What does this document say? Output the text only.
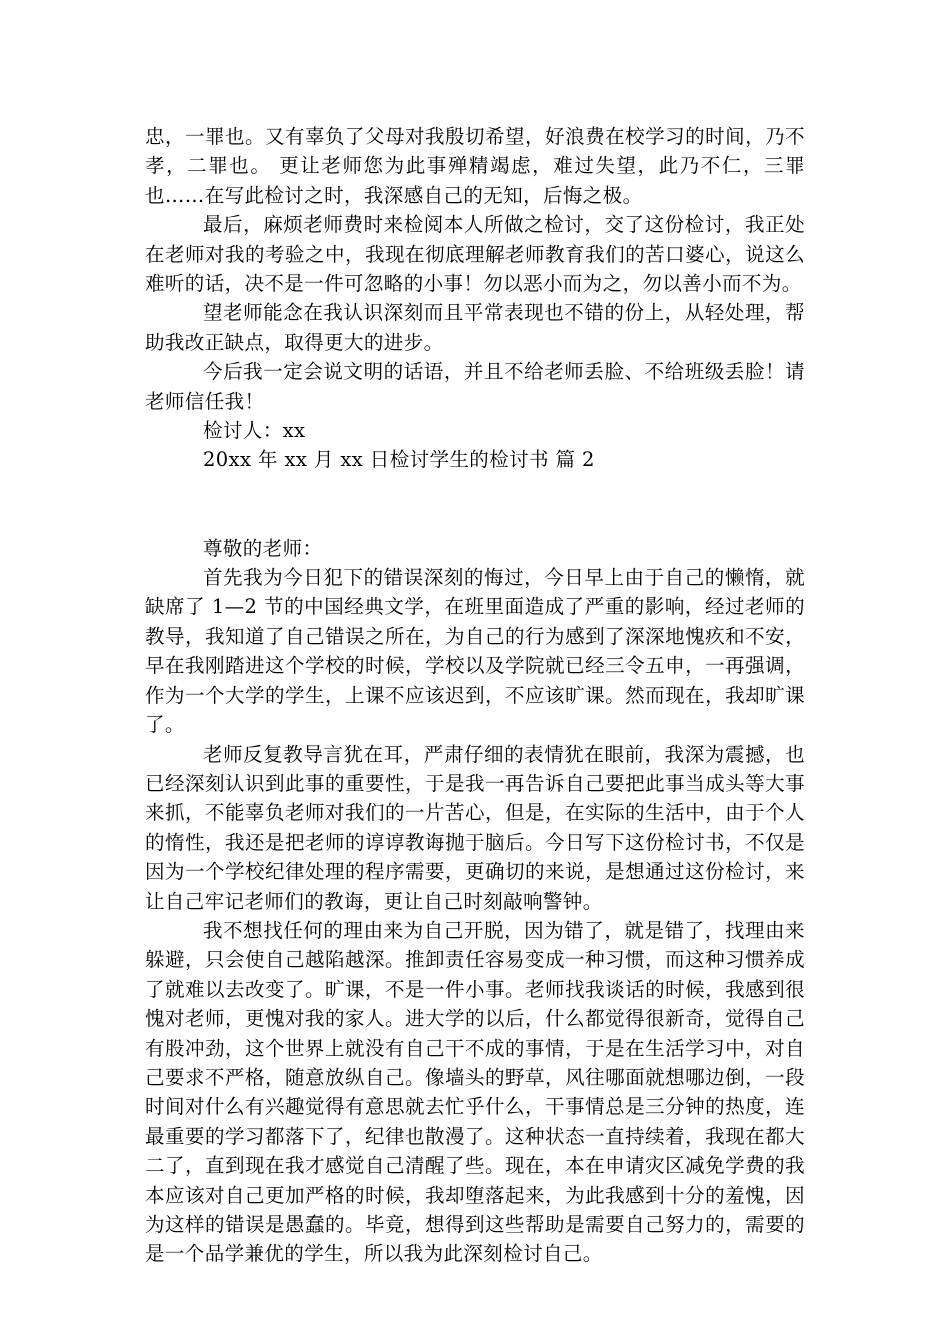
忠，一罪也。又有辜负了父母对我殷切希望，好浪费在校学习的时间，乃不孝，二罪也。 更让老师您为此事殚精竭虑，难过失望，此乃不仁，三罪也……在写此检讨之时，我深感自己的无知，后悔之极。

最后，麻烦老师费时来检阅本人所做之检讨，交了这份检讨，我正处在老师对我的考验之中，我现在彻底理解老师教育我们的苦口婆心，说这么难听的话，决不是一件可忽略的小事！勿以恶小而为之，勿以善小而不为。

望老师能念在我认识深刻而且平常表现也不错的份上，从轻处理，帮助我改正缺点，取得更大的进步。

今后我一定会说文明的话语，并且不给老师丢脸、不给班级丢脸！请老师信任我！

检讨人：xx

20xx 年 xx 月 xx 日检讨学生的检讨书 篇 2

尊敬的老师：

首先我为今日犯下的错误深刻的悔过，今日早上由于自己的懒惰，就缺席了 1—2 节的中国经典文学，在班里面造成了严重的影响，经过老师的教导，我知道了自己错误之所在，为自己的行为感到了深深地愧疚和不安，早在我刚踏进这个学校的时候，学校以及学院就已经三令五申，一再强调，作为一个大学的学生，上课不应该迟到，不应该旷课。然而现在，我却旷课了。

老师反复教导言犹在耳，严肃仔细的表情犹在眼前，我深为震撼，也已经深刻认识到此事的重要性，于是我一再告诉自己要把此事当成头等大事来抓，不能辜负老师对我们的一片苦心，但是，在实际的生活中，由于个人的惰性，我还是把老师的谆谆教诲抛于脑后。今日写下这份检讨书，不仅是因为一个学校纪律处理的程序需要，更确切的来说，是想通过这份检讨，来让自己牢记老师们的教诲，更让自己时刻敲响警钟。

我不想找任何的理由来为自己开脱，因为错了，就是错了，找理由来躲避，只会使自己越陷越深。推卸责任容易变成一种习惯，而这种习惯养成了就难以去改变了。旷课，不是一件小事。老师找我谈话的时候，我感到很愧对老师，更愧对我的家人。进大学的以后，什么都觉得很新奇，觉得自己有股冲劲，这个世界上就没有自己干不成的事情，于是在生活学习中，对自己要求不严格，随意放纵自己。像墙头的野草，风往哪面就想哪边倒，一段时间对什么有兴趣觉得有意思就去忙乎什么，干事情总是三分钟的热度，连最重要的学习都落下了，纪律也散漫了。这种状态一直持续着，我现在都大二了，直到现在我才感觉自己清醒了些。现在，本在申请灾区减免学费的我本应该对自己更加严格的时候，我却堕落起来，为此我感到十分的羞愧，因为这样的错误是愚蠢的。毕竟，想得到这些帮助是需要自己努力的，需要的是一个品学兼优的学生，所以我为此深刻检讨自己。
